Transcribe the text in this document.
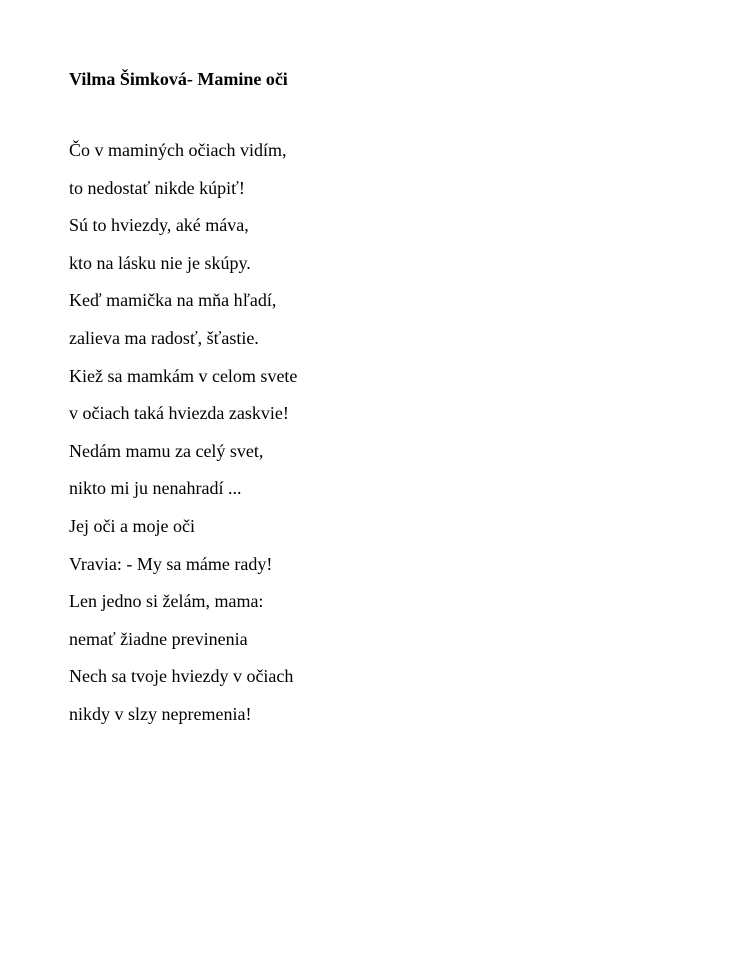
Vilma Šimková- Mamine oči
Čo v maminých očiach vidím,
to nedostať nikde kúpiť!
Sú to hviezdy, aké máva,
kto na lásku nie je skúpy.
Keď mamička na mňa hľadí,
zalieva ma radosť, šťastie.
Kiež sa mamkám v celom svete
v očiach taká hviezda zaskvie!
Nedám mamu za celý svet,
nikto mi ju nenahradí ...
Jej oči a moje oči
Vravia: - My sa máme rady!
Len jedno si želám, mama:
nemať žiadne previnenia
Nech sa tvoje hviezdy v očiach
nikdy v slzy nepremenia!
